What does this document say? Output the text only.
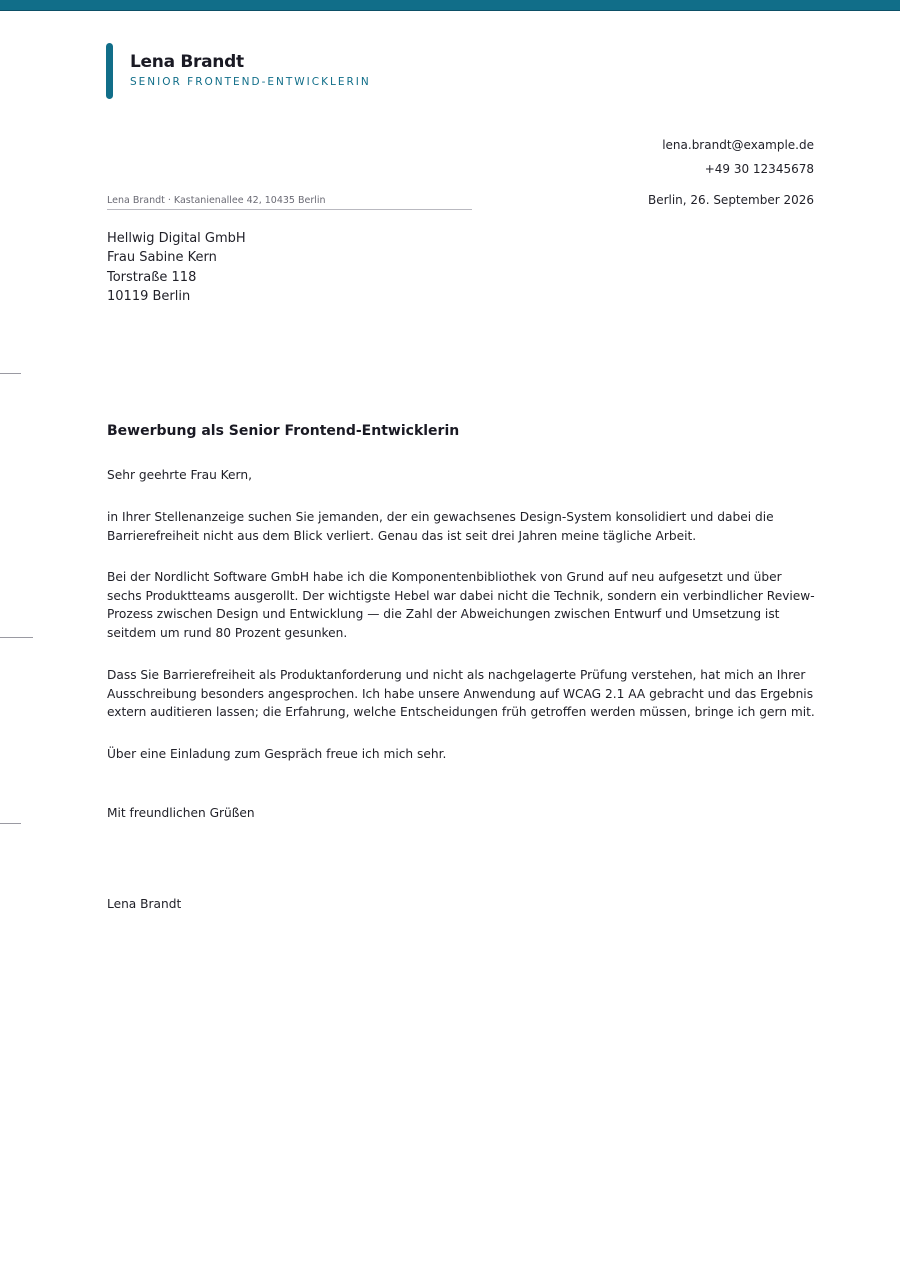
Lena Brandt
SENIOR FRONTEND-ENTWICKLERIN
lena.brandt@example.de
+49 30 12345678
Berlin, 26. September 2026
Lena Brandt · Kastanienallee 42, 10435 Berlin
Hellwig Digital GmbH
Frau Sabine Kern
Torstraße 118
10119 Berlin
Bewerbung als Senior Frontend-Entwicklerin

Sehr geehrte Frau Kern,

in Ihrer Stellenanzeige suchen Sie jemanden, der ein gewachsenes Design-System konsolidiert und dabei die Barrierefreiheit nicht aus dem Blick verliert. Genau das ist seit drei Jahren meine tägliche Arbeit.

Bei der Nordlicht Software GmbH habe ich die Komponentenbibliothek von Grund auf neu aufgesetzt und über sechs Produktteams ausgerollt. Der wichtigste Hebel war dabei nicht die Technik, sondern ein verbindlicher Review-Prozess zwischen Design und Entwicklung — die Zahl der Abweichungen zwischen Entwurf und Umsetzung ist seitdem um rund 80 Prozent gesunken.

Dass Sie Barrierefreiheit als Produktanforderung und nicht als nachgelagerte Prüfung verstehen, hat mich an Ihrer Ausschreibung besonders angesprochen. Ich habe unsere Anwendung auf WCAG 2.1 AA gebracht und das Ergebnis extern auditieren lassen; die Erfahrung, welche Entscheidungen früh getroffen werden müssen, bringe ich gern mit.

Über eine Einladung zum Gespräch freue ich mich sehr.

Mit freundlichen Grüßen

Lena Brandt
